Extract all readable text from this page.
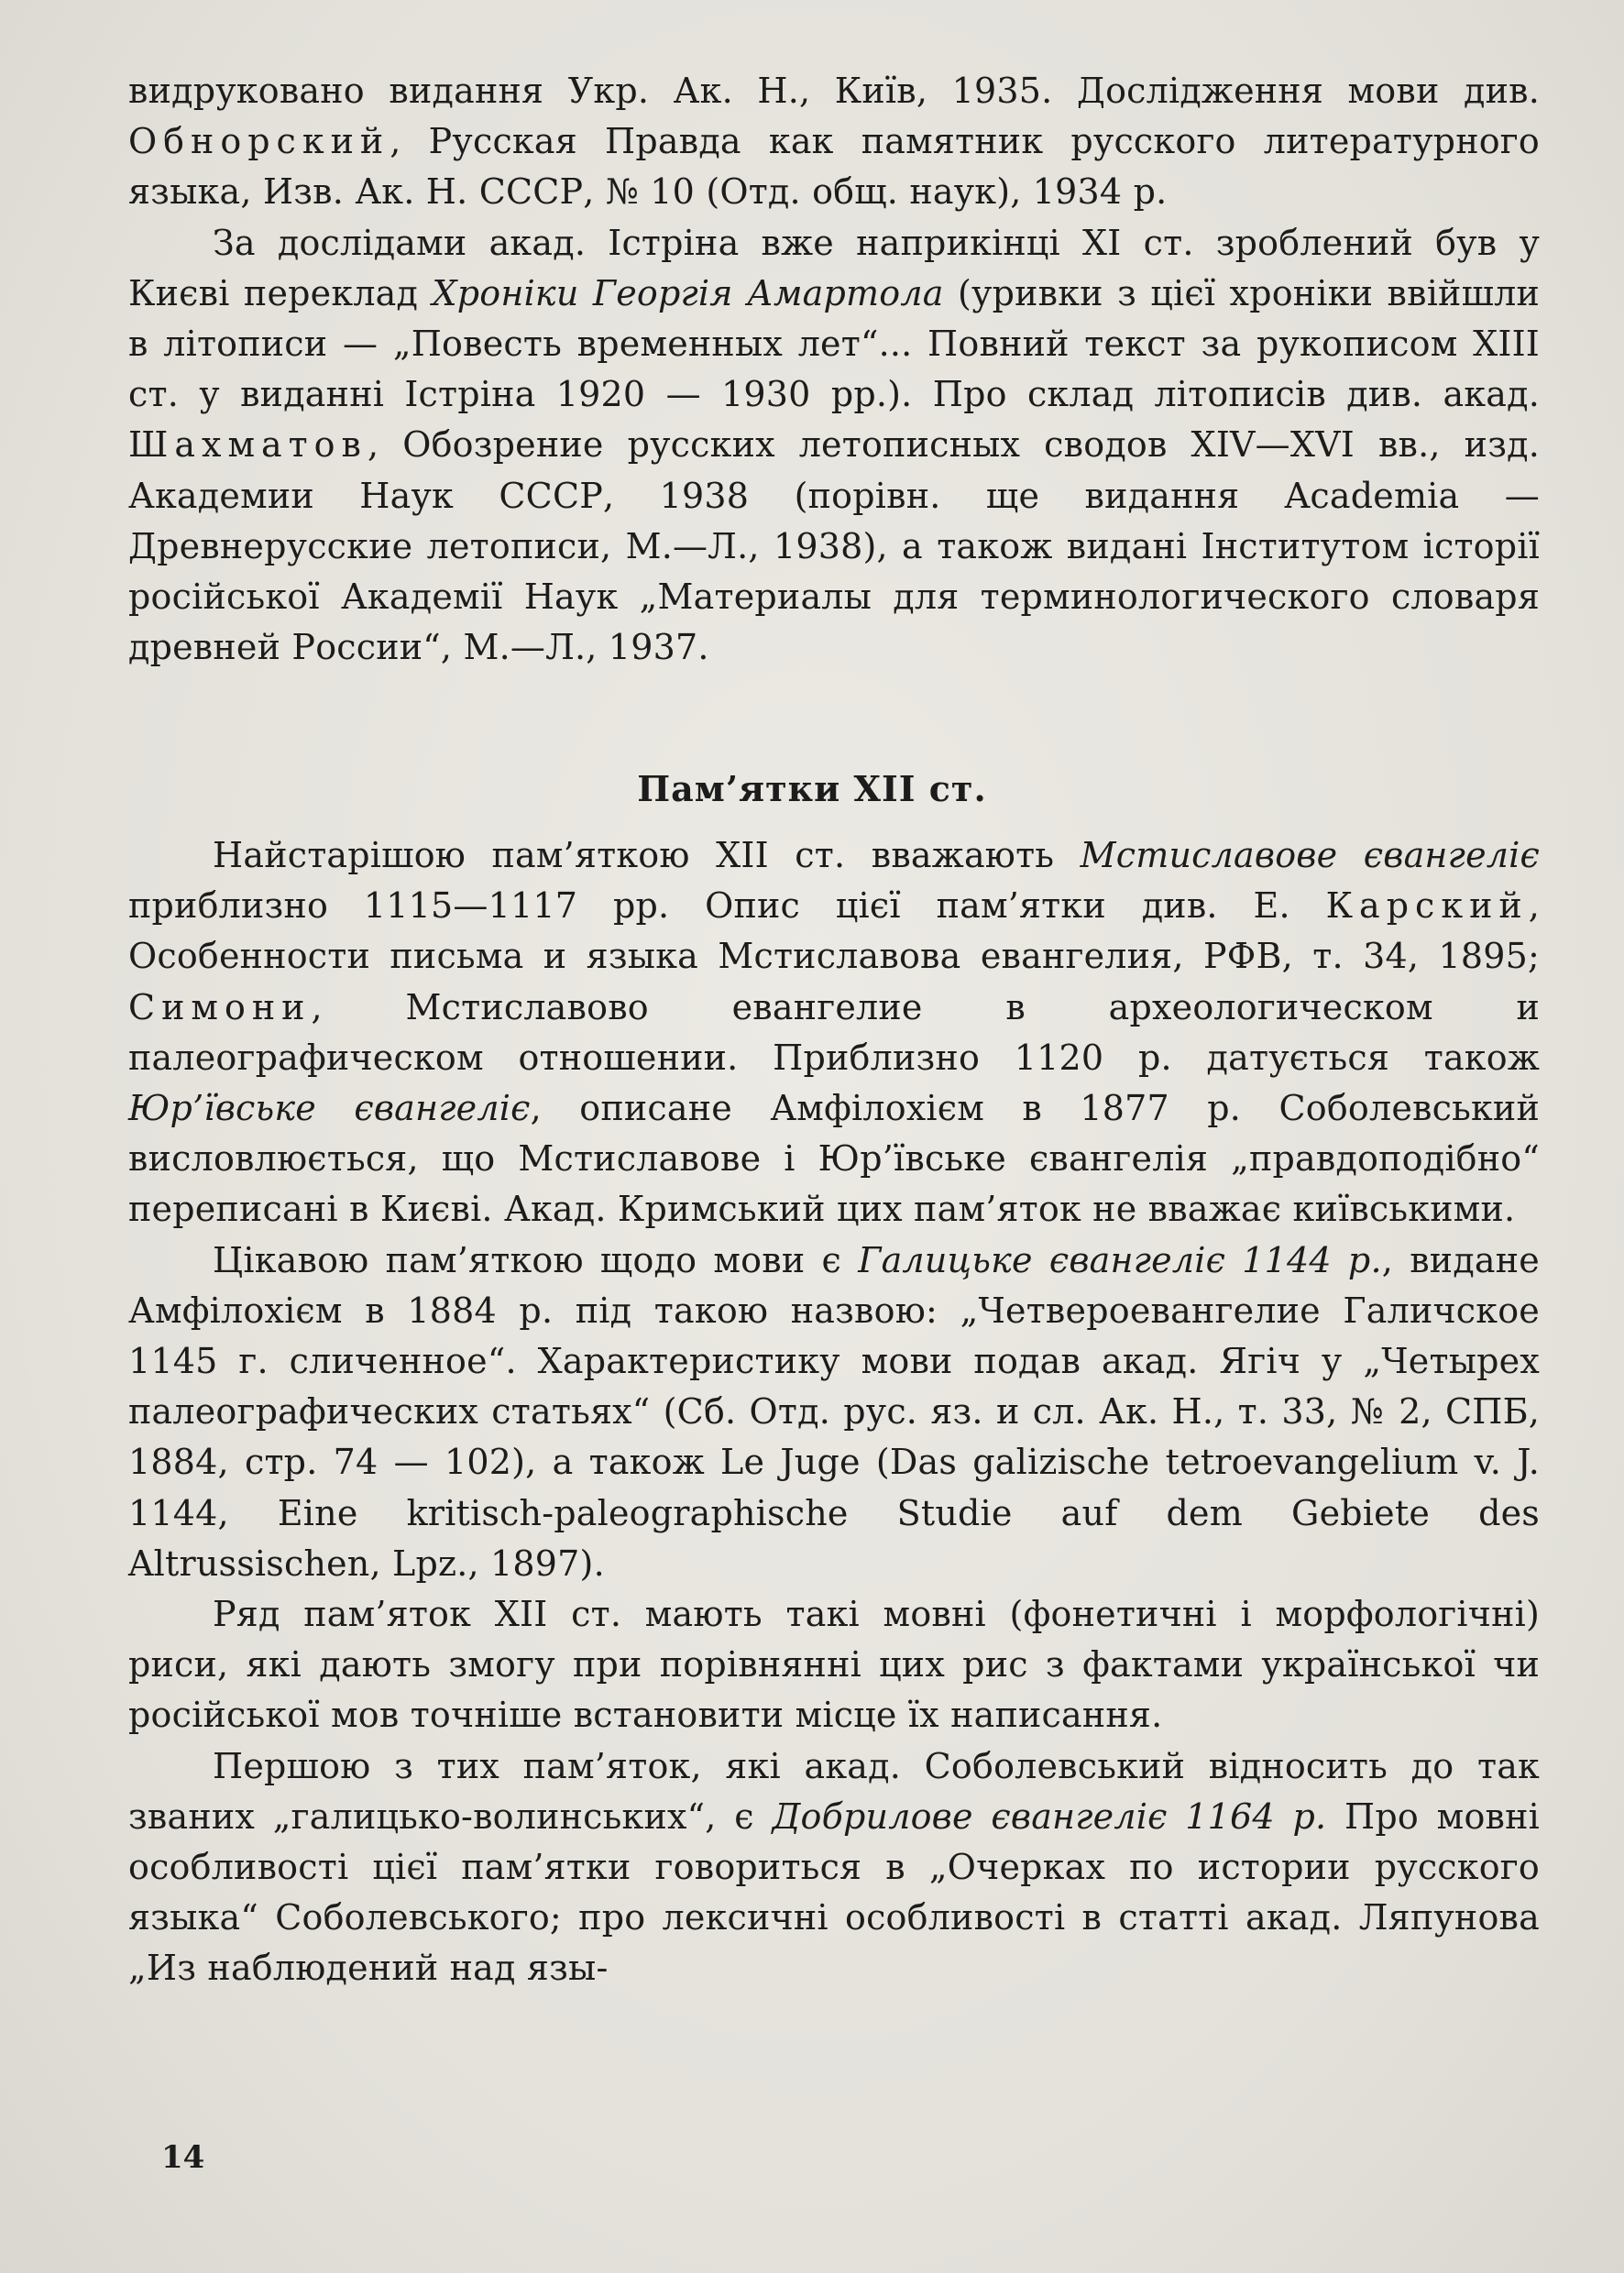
видруковано видання Укр. Ак. Н., Київ, 1935. Дослідження мови див. Обнорский, Русская Правда как памятник русского литературного языка, Изв. Ак. Н. СССР, № 10 (Отд. общ. наук), 1934 р.

За дослідами акад. Істріна вже наприкінці XI ст. зроблений був у Києві переклад Хроніки Георгія Амартола (уривки з цієї хроніки ввійшли в літописи — „Повесть временных лет“... Повний текст за рукописом XIII ст. у виданні Істріна 1920 — 1930 рр.). Про склад літописів див. акад. Шахматов, Обозрение русских летописных сводов XIV—XVI вв., изд. Академии Наук СССР, 1938 (порівн. ще видання Academia — Древнерусские летописи, М.—Л., 1938), а також видані Інститутом історії російської Академії Наук „Материалы для терминологического словаря древней России“, М.—Л., 1937.

Пам’ятки XII ст.

Найстарішою пам’яткою XII ст. вважають Мстиславове євангеліє приблизно 1115—1117 рр. Опис цієї пам’ятки див. Е. Карский, Особенности письма и языка Мстиславова евангелия, РФВ, т. 34, 1895; Симони, Мстиславово евангелие в археологическом и палеографическом отношении. Приблизно 1120 р. датується також Юр’ївське євангеліє, описане Амфілохієм в 1877 р. Соболевський висловлюється, що Мстиславове і Юр’ївське євангелія „правдоподібно“ переписані в Києві. Акад. Кримський цих пам’яток не вважає київськими.

Цікавою пам’яткою щодо мови є Галицьке євангеліє 1144 р., видане Амфілохієм в 1884 р. під такою назвою: „Четвероевангелие Галичское 1145 г. сличенное“. Характеристику мови подав акад. Ягіч у „Четырех палеографических статьях“ (Сб. Отд. рус. яз. и сл. Ак. Н., т. 33, № 2, СПБ, 1884, стр. 74 — 102), а також Le Juge (Das galizische tetroevangelium v. J. 1144, Eine kritisch-paleographische Studie auf dem Gebiete des Altrussischen, Lpz., 1897).

Ряд пам’яток XII ст. мають такі мовні (фонетичні і морфологічні) риси, які дають змогу при порівнянні цих рис з фактами української чи російської мов точніше встановити місце їх написання.

Першою з тих пам’яток, які акад. Соболевський відносить до так званих „галицько-волинських“, є Добрилове євангеліє 1164 р. Про мовні особливості цієї пам’ятки говориться в „Очерках по истории русского языка“ Соболевського; про лексичні особливості в статті акад. Ляпунова „Из наблюдений над язы-

14
